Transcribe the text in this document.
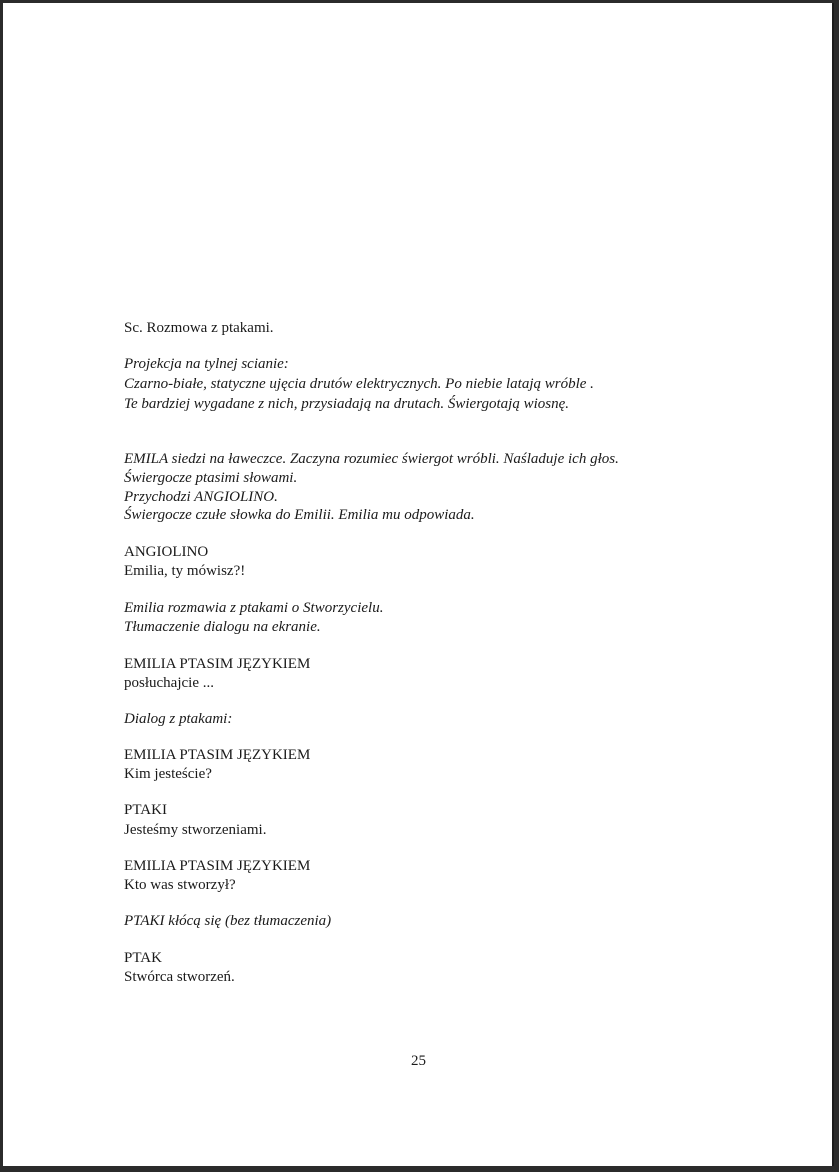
Sc. Rozmowa z ptakami.
Projekcja na tylnej scianie:
Czarno-białe, statyczne ujęcia drutów elektrycznych. Po niebie latają wróble .
Te bardziej wygadane z nich, przysiadają na drutach. Świergotają wiosnę.
EMILA siedzi na ławeczce. Zaczyna rozumiec świergot wróbli. Naśladuje ich głos.
Świergocze ptasimi słowami.
Przychodzi ANGIOLINO.
Świergocze czułe słowka do Emilii. Emilia mu odpowiada.
ANGIOLINO
Emilia, ty mówisz?!
Emilia rozmawia z ptakami o Stworzycielu.
Tłumaczenie dialogu na ekranie.
EMILIA PTASIM JĘZYKIEM
posłuchajcie ...
Dialog z ptakami:
EMILIA PTASIM JĘZYKIEM
Kim jesteście?
PTAKI
Jesteśmy stworzeniami.
EMILIA PTASIM JĘZYKIEM
Kto was stworzył?
PTAKI kłócą się (bez tłumaczenia)
PTAK
Stwórca stworzeń.
25
